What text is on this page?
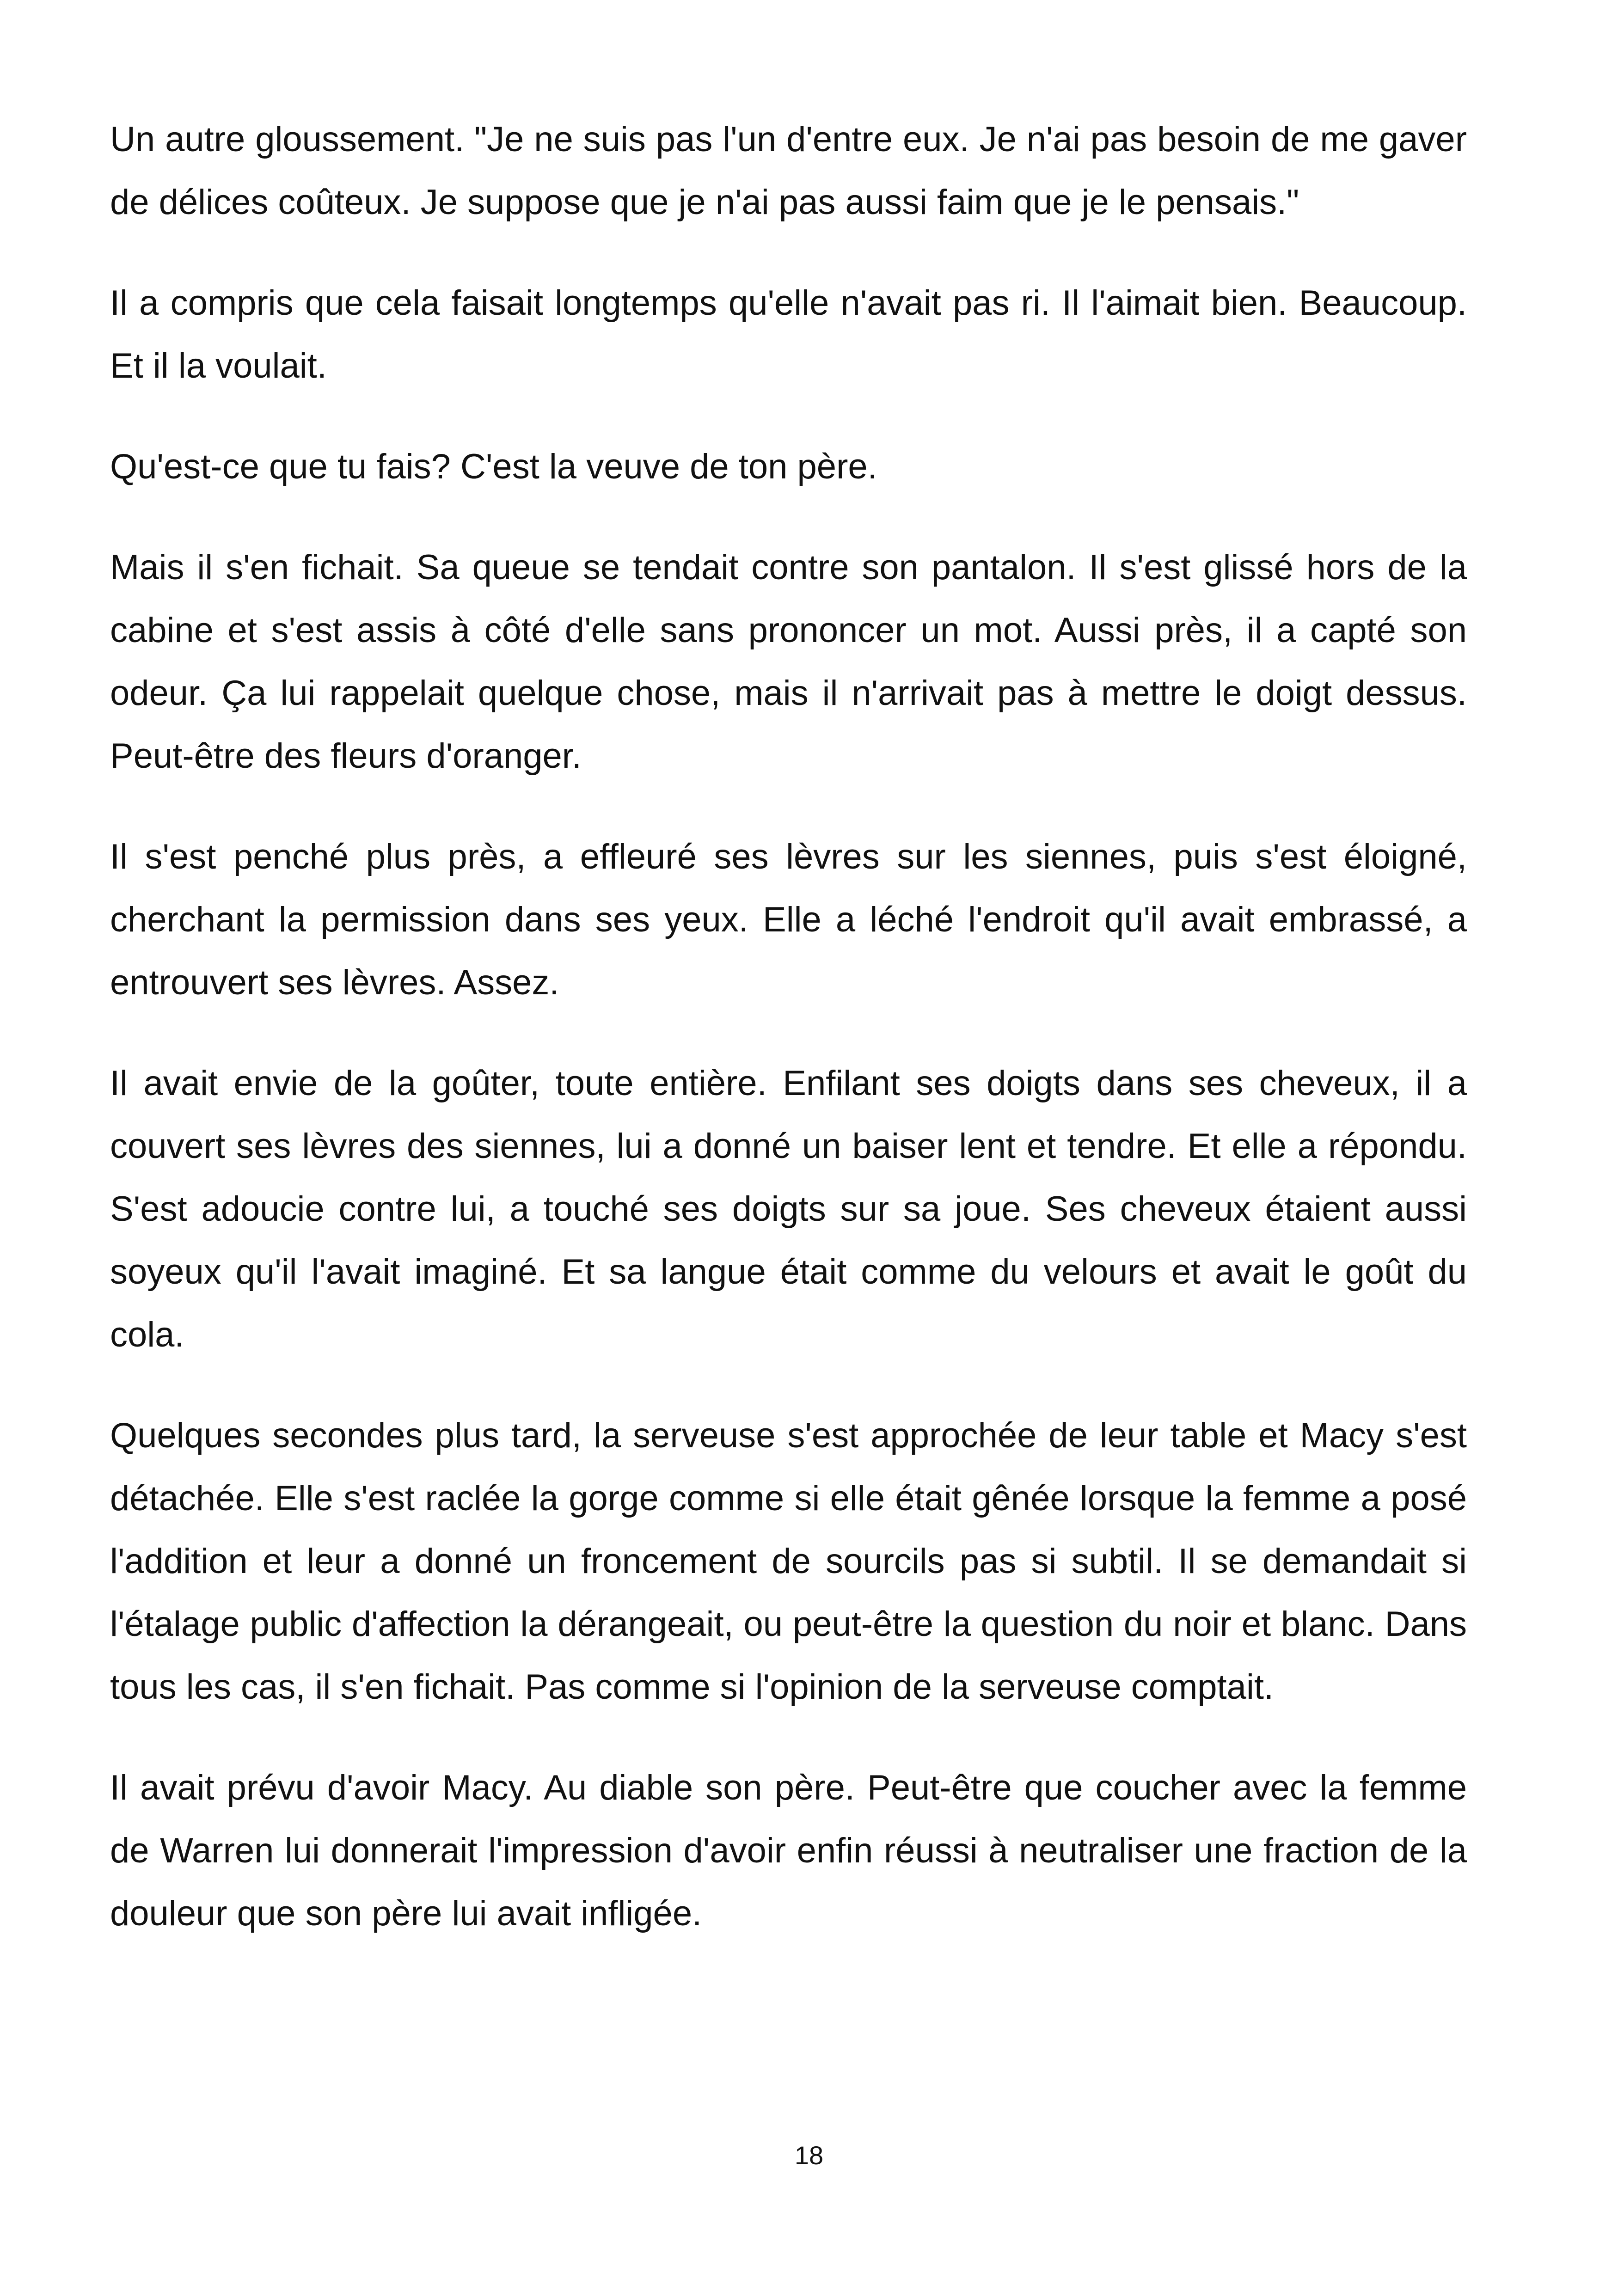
Un autre gloussement. "Je ne suis pas l'un d'entre eux. Je n'ai pas besoin de me gaver de délices coûteux. Je suppose que je n'ai pas aussi faim que je le pensais."

Il a compris que cela faisait longtemps qu'elle n'avait pas ri. Il l'aimait bien. Beaucoup. Et il la voulait.

Qu'est-ce que tu fais? C'est la veuve de ton père.

Mais il s'en fichait. Sa queue se tendait contre son pantalon. Il s'est glissé hors de la cabine et s'est assis à côté d'elle sans prononcer un mot. Aussi près, il a capté son odeur. Ça lui rappelait quelque chose, mais il n'arrivait pas à mettre le doigt dessus. Peut-être des fleurs d'oranger.

Il s'est penché plus près, a effleuré ses lèvres sur les siennes, puis s'est éloigné, cherchant la permission dans ses yeux. Elle a léché l'endroit qu'il avait embrassé, a entrouvert ses lèvres. Assez.

Il avait envie de la goûter, toute entière. Enfilant ses doigts dans ses cheveux, il a couvert ses lèvres des siennes, lui a donné un baiser lent et tendre. Et elle a répondu. S'est adoucie contre lui, a touché ses doigts sur sa joue. Ses cheveux étaient aussi soyeux qu'il l'avait imaginé. Et sa langue était comme du velours et avait le goût du cola.

Quelques secondes plus tard, la serveuse s'est approchée de leur table et Macy s'est détachée. Elle s'est raclée la gorge comme si elle était gênée lorsque la femme a posé l'addition et leur a donné un froncement de sourcils pas si subtil. Il se demandait si l'étalage public d'affection la dérangeait, ou peut-être la question du noir et blanc. Dans tous les cas, il s'en fichait. Pas comme si l'opinion de la serveuse comptait.

Il avait prévu d'avoir Macy. Au diable son père. Peut-être que coucher avec la femme de Warren lui donnerait l'impression d'avoir enfin réussi à neutraliser une fraction de la douleur que son père lui avait infligée.

18
